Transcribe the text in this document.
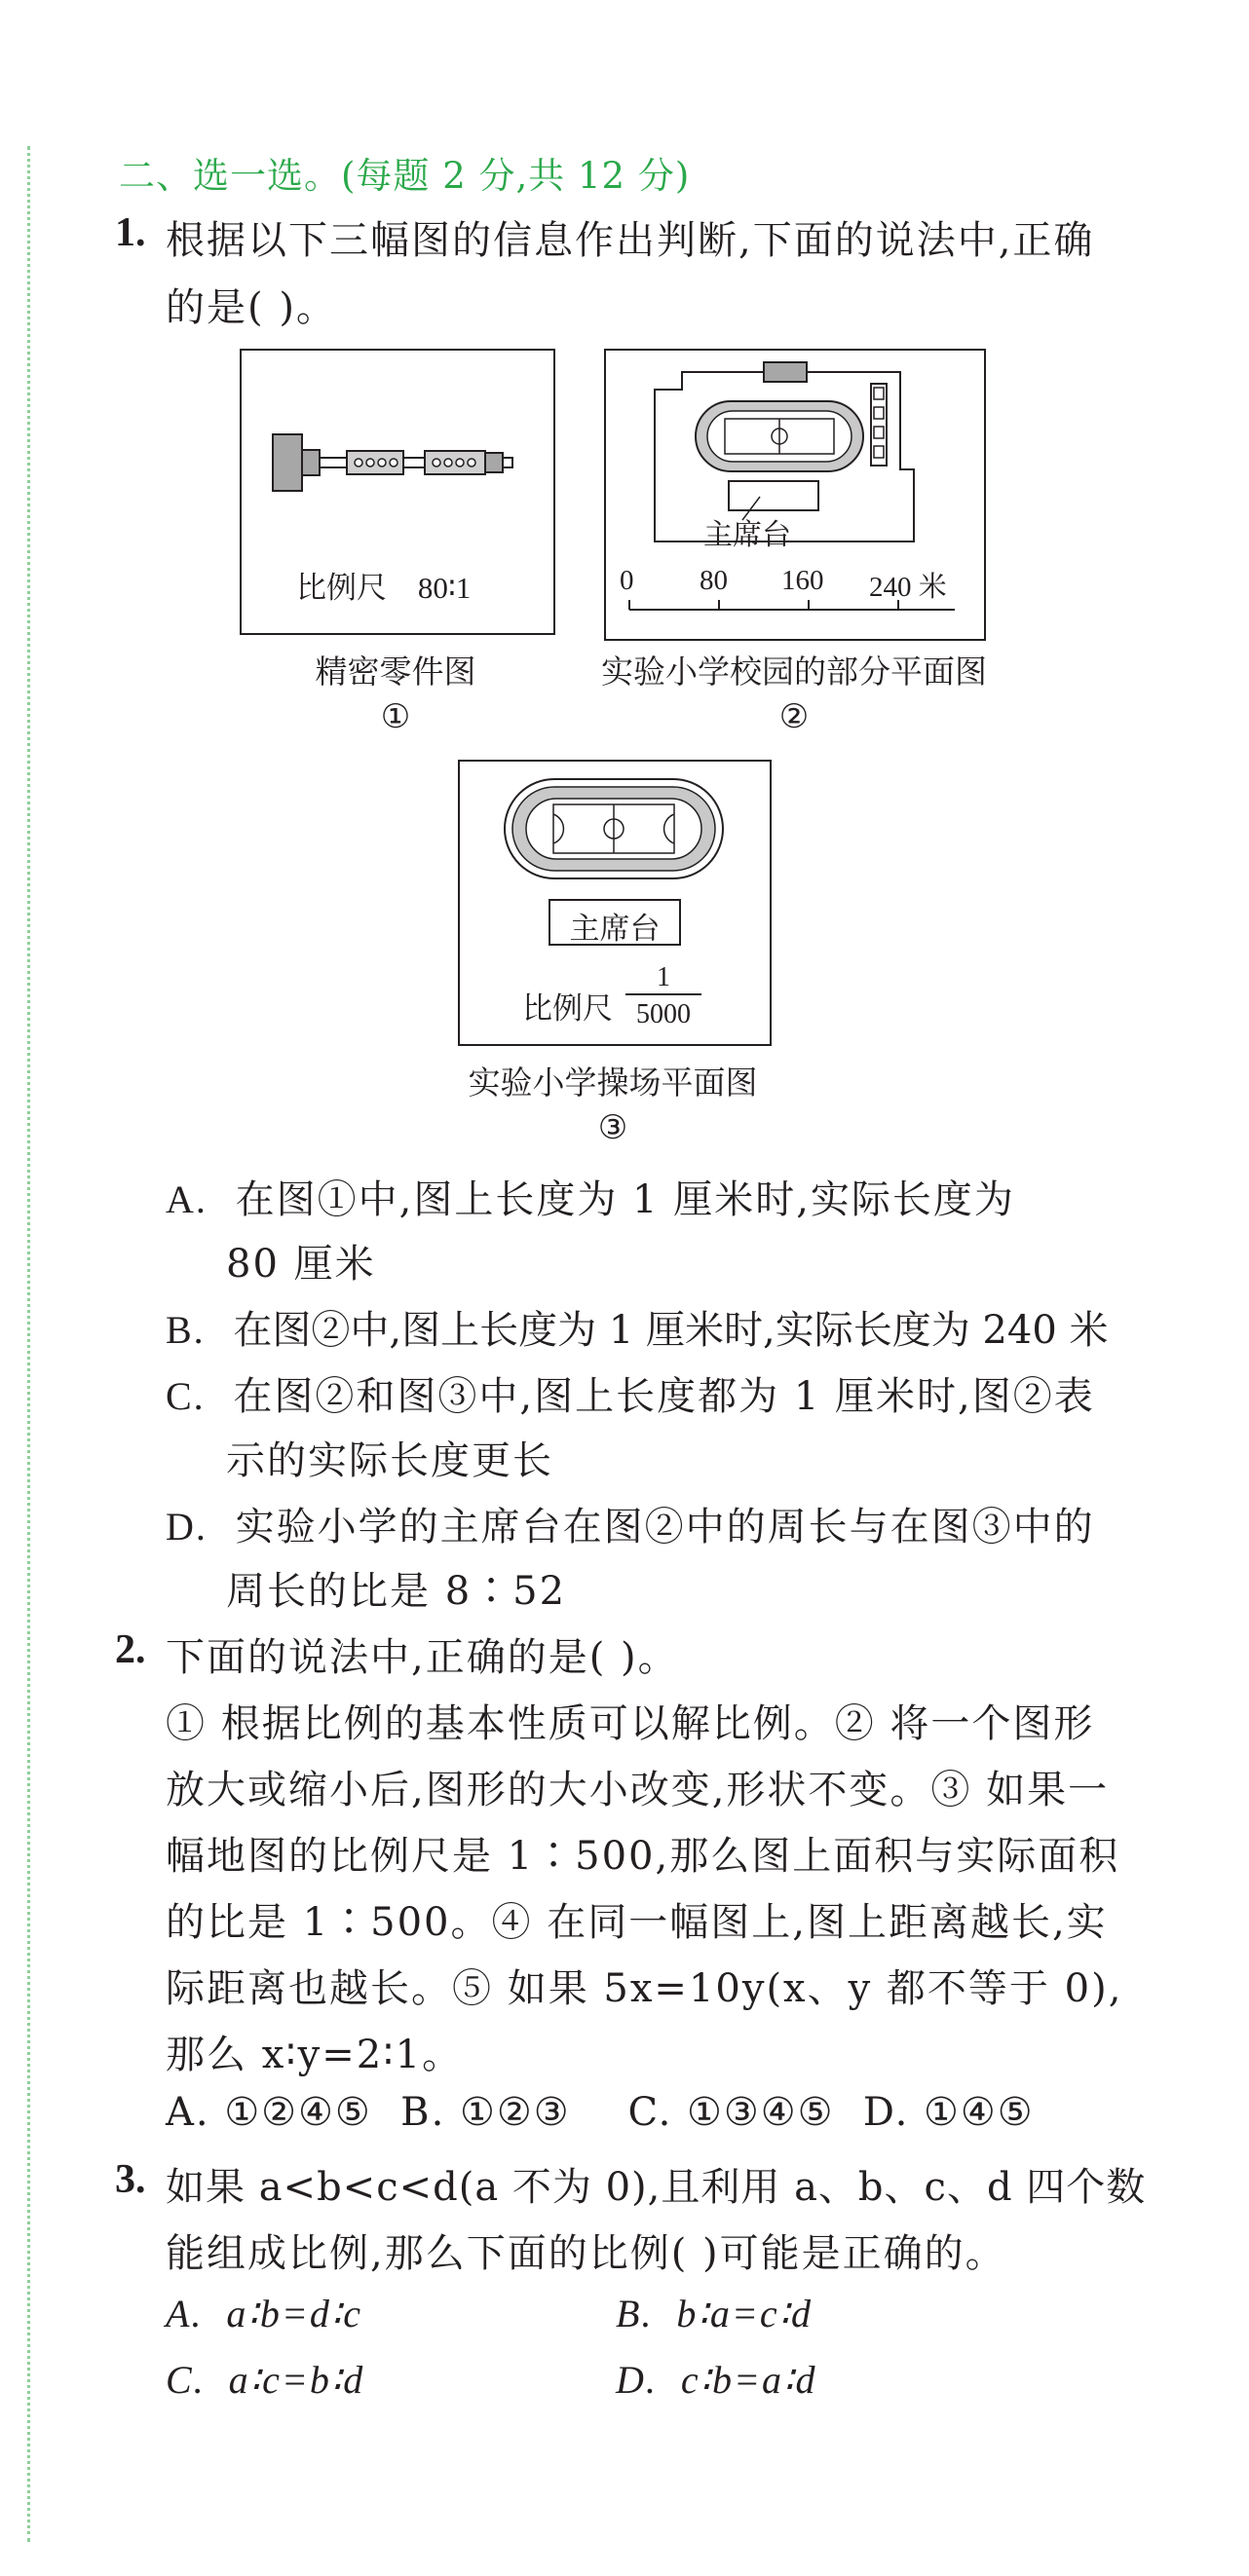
二、选一选。(每题 2 分,共 12 分)
1. 根据以下三幅图的信息作出判断,下面的说法中,正确
的是( )。
比例尺 80∶1
精密零件图
①
主席台
0 80 160 240 米
实验小学校园的部分平面图
②
主席台
比例尺
1
5000
实验小学操场平面图
③
A. 在图①中,图上长度为 1 厘米时,实际长度为
80 厘米
B. 在图②中,图上长度为 1 厘米时,实际长度为 240 米
C. 在图②和图③中,图上长度都为 1 厘米时,图②表
示的实际长度更长
D. 实验小学的主席台在图②中的周长与在图③中的
周长的比是 8∶52
2. 下面的说法中,正确的是( )。
① 根据比例的基本性质可以解比例。② 将一个图形
放大或缩小后,图形的大小改变,形状不变。③ 如果一
幅地图的比例尺是 1∶500,那么图上面积与实际面积
的比是 1∶500。④ 在同一幅图上,图上距离越长,实
际距离也越长。⑤ 如果 5x=10y(x、y 都不等于 0),
那么 x∶y=2∶1。
A. ①②④⑤  B. ①②③    C. ①③④⑤  D. ①④⑤
3. 如果 a<b<c<d(a 不为 0),且利用 a、b、c、d 四个数
能组成比例,那么下面的比例( )可能是正确的。
A.  a∶b=d∶c	B.  b∶a=c∶d
C.  a∶c=b∶d	D.  c∶b=a∶d
